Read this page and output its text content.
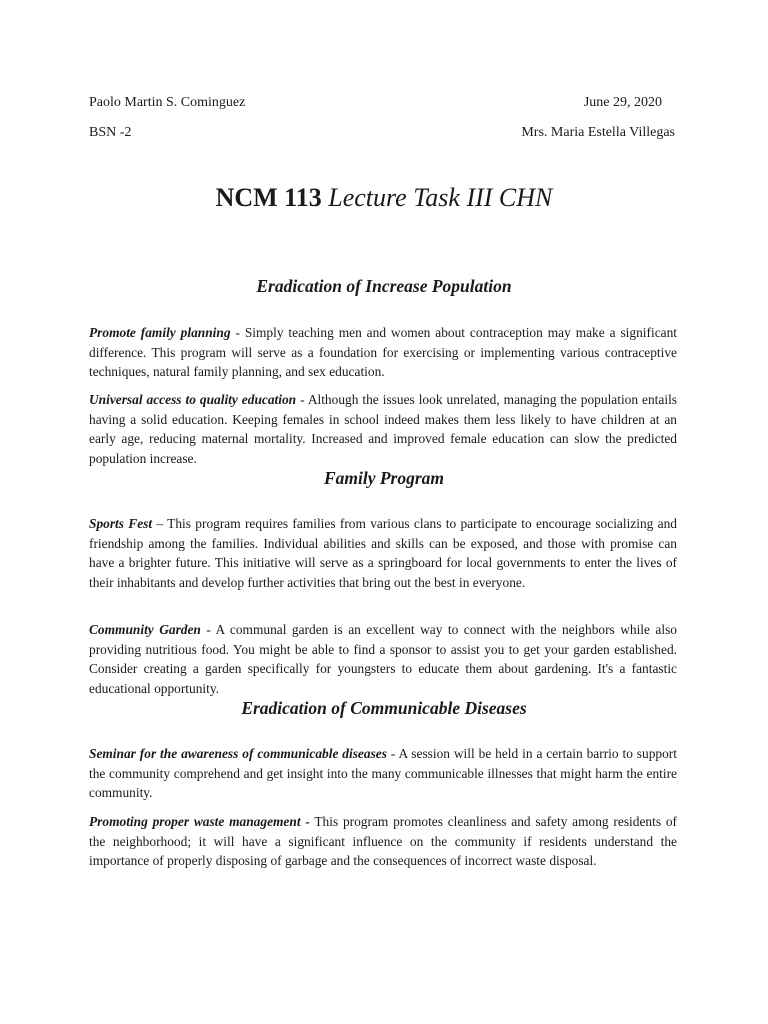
Paolo Martin S. Cominguez	June 29, 2020
BSN -2	Mrs. Maria Estella Villegas
NCM 113 Lecture Task III CHN
Eradication of Increase Population

Promote family planning - Simply teaching men and women about contraception may make a significant difference. This program will serve as a foundation for exercising or implementing various contraceptive techniques, natural family planning, and sex education.

Universal access to quality education - Although the issues look unrelated, managing the population entails having a solid education. Keeping females in school indeed makes them less likely to have children at an early age, reducing maternal mortality. Increased and improved female education can slow the predicted population increase.

Family Program

Sports Fest – This program requires families from various clans to participate to encourage socializing and friendship among the families. Individual abilities and skills can be exposed, and those with promise can have a brighter future. This initiative will serve as a springboard for local governments to enter the lives of their inhabitants and develop further activities that bring out the best in everyone.

Community Garden - A communal garden is an excellent way to connect with the neighbors while also providing nutritious food. You might be able to find a sponsor to assist you to get your garden established. Consider creating a garden specifically for youngsters to educate them about gardening. It's a fantastic educational opportunity.

Eradication of Communicable Diseases

Seminar for the awareness of communicable diseases - A session will be held in a certain barrio to support the community comprehend and get insight into the many communicable illnesses that might harm the entire community.

Promoting proper waste management - This program promotes cleanliness and safety among residents of the neighborhood; it will have a significant influence on the community if residents understand the importance of properly disposing of garbage and the consequences of incorrect waste disposal.
